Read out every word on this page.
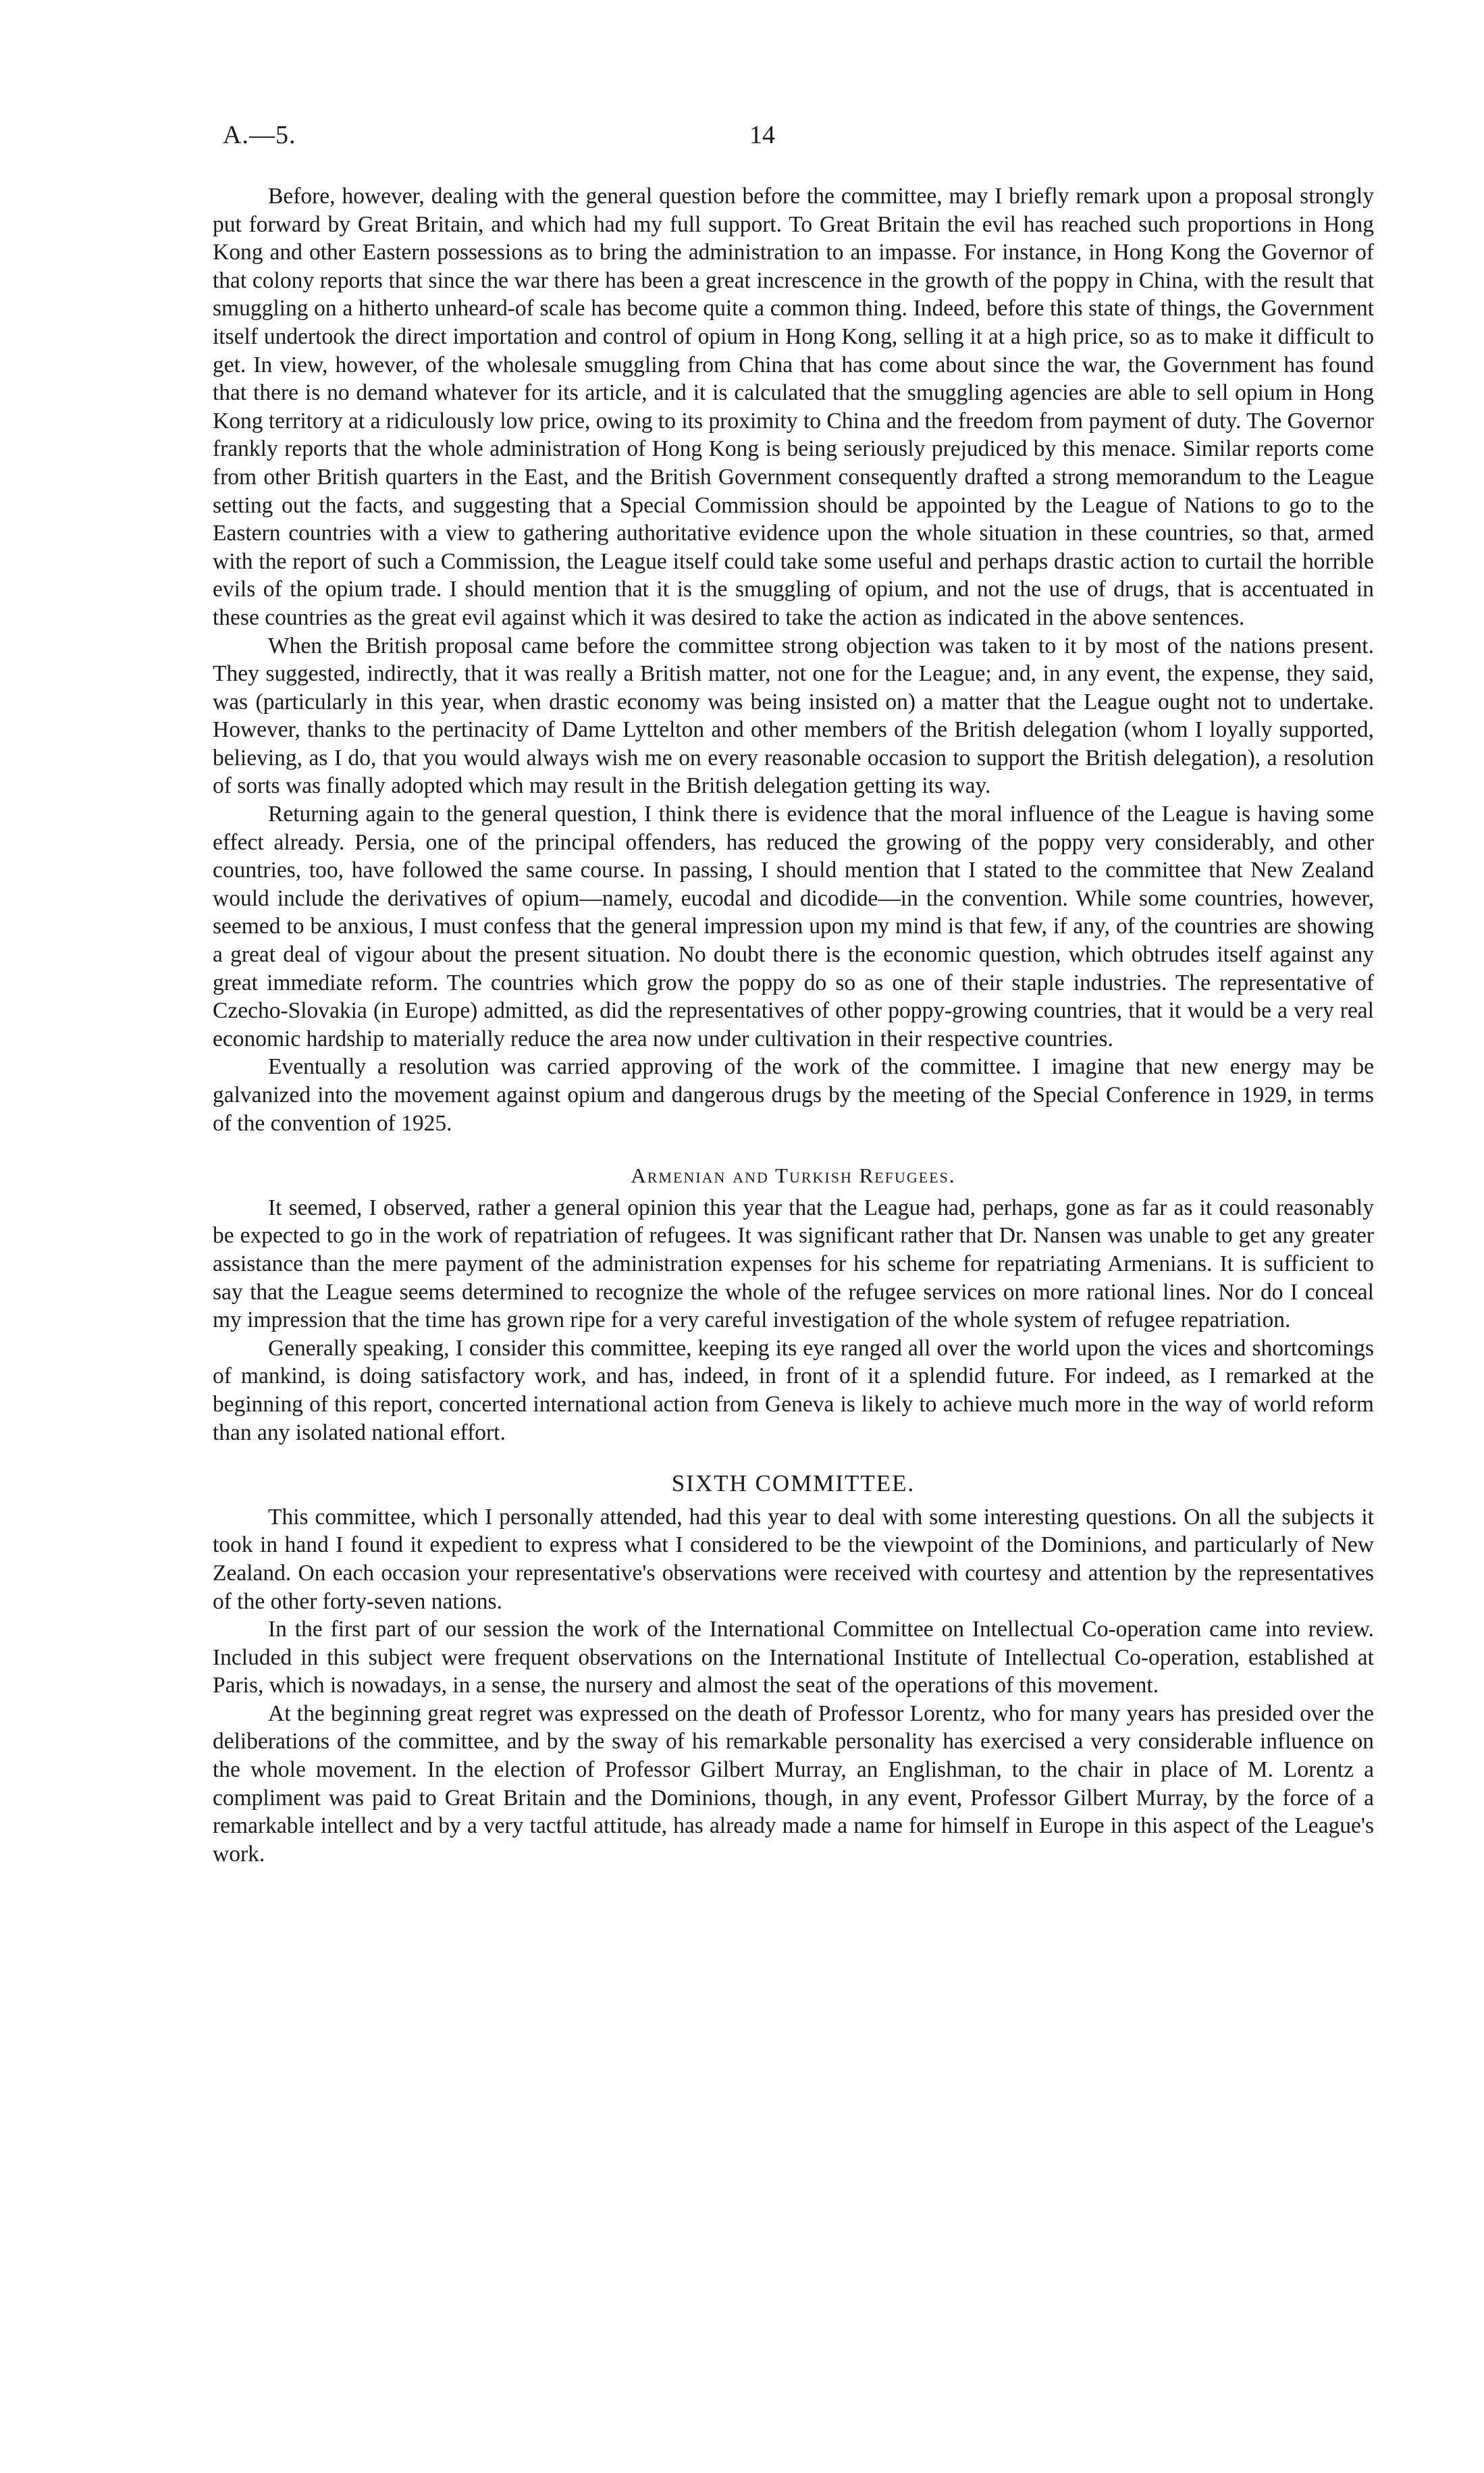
A.—5.	14

Before, however, dealing with the general question before the committee, may I briefly remark upon a proposal strongly put forward by Great Britain, and which had my full support. To Great Britain the evil has reached such proportions in Hong Kong and other Eastern possessions as to bring the administration to an impasse. For instance, in Hong Kong the Governor of that colony reports that since the war there has been a great increscence in the growth of the poppy in China, with the result that smuggling on a hitherto unheard-of scale has become quite a common thing. Indeed, before this state of things, the Government itself undertook the direct importation and control of opium in Hong Kong, selling it at a high price, so as to make it difficult to get. In view, however, of the wholesale smuggling from China that has come about since the war, the Government has found that there is no demand whatever for its article, and it is calculated that the smuggling agencies are able to sell opium in Hong Kong territory at a ridiculously low price, owing to its proximity to China and the freedom from payment of duty. The Governor frankly reports that the whole administration of Hong Kong is being seriously prejudiced by this menace. Similar reports come from other British quarters in the East, and the British Government consequently drafted a strong memorandum to the League setting out the facts, and suggesting that a Special Commission should be appointed by the League of Nations to go to the Eastern countries with a view to gathering authoritative evidence upon the whole situation in these countries, so that, armed with the report of such a Commission, the League itself could take some useful and perhaps drastic action to curtail the horrible evils of the opium trade. I should mention that it is the smuggling of opium, and not the use of drugs, that is accentuated in these countries as the great evil against which it was desired to take the action as indicated in the above sentences.

When the British proposal came before the committee strong objection was taken to it by most of the nations present. They suggested, indirectly, that it was really a British matter, not one for the League; and, in any event, the expense, they said, was (particularly in this year, when drastic economy was being insisted on) a matter that the League ought not to undertake. However, thanks to the pertinacity of Dame Lyttelton and other members of the British delegation (whom I loyally supported, believing, as I do, that you would always wish me on every reasonable occasion to support the British delegation), a resolution of sorts was finally adopted which may result in the British delegation getting its way.

Returning again to the general question, I think there is evidence that the moral influence of the League is having some effect already. Persia, one of the principal offenders, has reduced the growing of the poppy very considerably, and other countries, too, have followed the same course. In passing, I should mention that I stated to the committee that New Zealand would include the derivatives of opium—namely, eucodal and dicodide—in the convention. While some countries, however, seemed to be anxious, I must confess that the general impression upon my mind is that few, if any, of the countries are showing a great deal of vigour about the present situation. No doubt there is the economic question, which obtrudes itself against any great immediate reform. The countries which grow the poppy do so as one of their staple industries. The representative of Czecho-Slovakia (in Europe) admitted, as did the representatives of other poppy-growing countries, that it would be a very real economic hardship to materially reduce the area now under cultivation in their respective countries.

Eventually a resolution was carried approving of the work of the committee. I imagine that new energy may be galvanized into the movement against opium and dangerous drugs by the meeting of the Special Conference in 1929, in terms of the convention of 1925.

Armenian and Turkish Refugees.

It seemed, I observed, rather a general opinion this year that the League had, perhaps, gone as far as it could reasonably be expected to go in the work of repatriation of refugees. It was significant rather that Dr. Nansen was unable to get any greater assistance than the mere payment of the administration expenses for his scheme for repatriating Armenians. It is sufficient to say that the League seems determined to recognize the whole of the refugee services on more rational lines. Nor do I conceal my impression that the time has grown ripe for a very careful investigation of the whole system of refugee repatriation.

Generally speaking, I consider this committee, keeping its eye ranged all over the world upon the vices and shortcomings of mankind, is doing satisfactory work, and has, indeed, in front of it a splendid future. For indeed, as I remarked at the beginning of this report, concerted international action from Geneva is likely to achieve much more in the way of world reform than any isolated national effort.

SIXTH COMMITTEE.

This committee, which I personally attended, had this year to deal with some interesting questions. On all the subjects it took in hand I found it expedient to express what I considered to be the viewpoint of the Dominions, and particularly of New Zealand. On each occasion your representative's observations were received with courtesy and attention by the representatives of the other forty-seven nations.

In the first part of our session the work of the International Committee on Intellectual Co-operation came into review. Included in this subject were frequent observations on the International Institute of Intellectual Co-operation, established at Paris, which is nowadays, in a sense, the nursery and almost the seat of the operations of this movement.

At the beginning great regret was expressed on the death of Professor Lorentz, who for many years has presided over the deliberations of the committee, and by the sway of his remarkable personality has exercised a very considerable influence on the whole movement. In the election of Professor Gilbert Murray, an Englishman, to the chair in place of M. Lorentz a compliment was paid to Great Britain and the Dominions, though, in any event, Professor Gilbert Murray, by the force of a remarkable intellect and by a very tactful attitude, has already made a name for himself in Europe in this aspect of the League's work.
